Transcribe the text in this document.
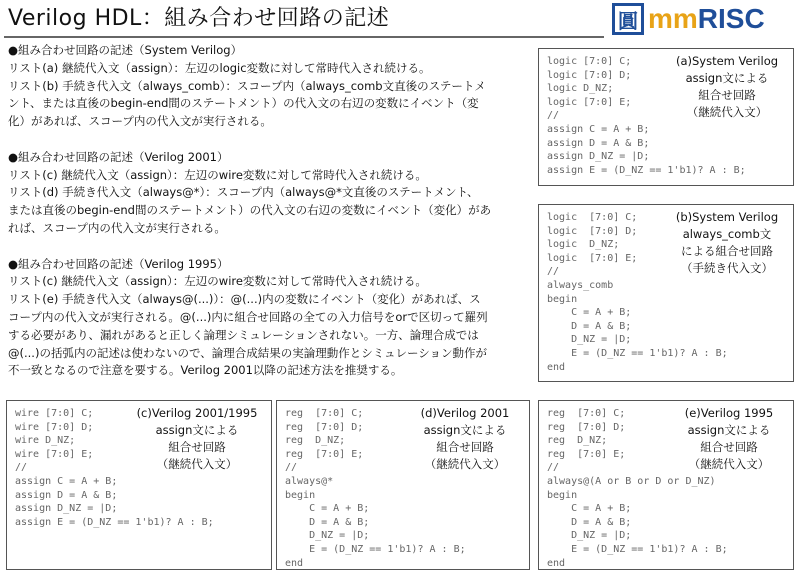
Verilog HDL：組み合わせ回路の記述	圓 mm RISC
●組み合わせ回路の記述（System Verilog）
リスト(a) 継続代入文（assign）：左辺のlogic変数に対して常時代入され続ける。
リスト(b) 手続き代入文（always_comb）：スコープ内（always_comb文直後のステートメ
ント、または直後のbegin-end間のステートメント）の代入文の右辺の変数にイベント（変
化）があれば、スコープ内の代入文が実行される。
●組み合わせ回路の記述（Verilog 2001）
リスト(c) 継続代入文（assign）：左辺のwire変数に対して常時代入され続ける。
リスト(d) 手続き代入文（always@*）：スコープ内（always@*文直後のステートメント、
または直後のbegin-end間のステートメント）の代入文の右辺の変数にイベント（変化）があ
れば、スコープ内の代入文が実行される。
●組み合わせ回路の記述（Verilog 1995）
リスト(c) 継続代入文（assign）：左辺のwire変数に対して常時代入され続ける。
リスト(e) 手続き代入文（always@(...)）：@(...)内の変数にイベント（変化）があれば、ス
コープ内の代入文が実行される。@(...)内に組合せ回路の全ての入力信号をorで区切って羅列
する必要があり、漏れがあると正しく論理シミュレーションされない。一方、論理合成では
@(...)の括弧内の記述は使わないので、論理合成結果の実論理動作とシミュレーション動作が
不一致となるので注意を要する。Verilog 2001以降の記述方法を推奨する。
logic [7:0] C;
logic [7:0] D;
logic D_NZ;
logic [7:0] E;
//
assign C = A + B;
assign D = A & B;
assign D_NZ = |D;
assign E = (D_NZ == 1'b1)? A : B;
(a)System Verilog
assign文による
組合せ回路
（継続代入文）
logic  [7:0] C;
logic  [7:0] D;
logic  D_NZ;
logic  [7:0] E;
//
always_comb
begin
C = A + B;
D = A & B;
D_NZ = |D;
E = (D_NZ == 1'b1)? A : B;
end
(b)System Verilog
always_comb文
による組合せ回路
（手続き代入文）
wire [7:0] C;
wire [7:0] D;
wire D_NZ;
wire [7:0] E;
//
assign C = A + B;
assign D = A & B;
assign D_NZ = |D;
assign E = (D_NZ == 1'b1)? A : B;
(c)Verilog 2001/1995
assign文による
組合せ回路
（継続代入文）
reg  [7:0] C;
reg  [7:0] D;
reg  D_NZ;
reg  [7:0] E;
//
always@*
begin
C = A + B;
D = A & B;
D_NZ = |D;
E = (D_NZ == 1'b1)? A : B;
end
(d)Verilog 2001
assign文による
組合せ回路
（継続代入文）
reg  [7:0] C;
reg  [7:0] D;
reg  D_NZ;
reg  [7:0] E;
//
always@(A or B or D or D_NZ)
begin
C = A + B;
D = A & B;
D_NZ = |D;
E = (D_NZ == 1'b1)? A : B;
end
(e)Verilog 1995
assign文による
組合せ回路
（継続代入文）
